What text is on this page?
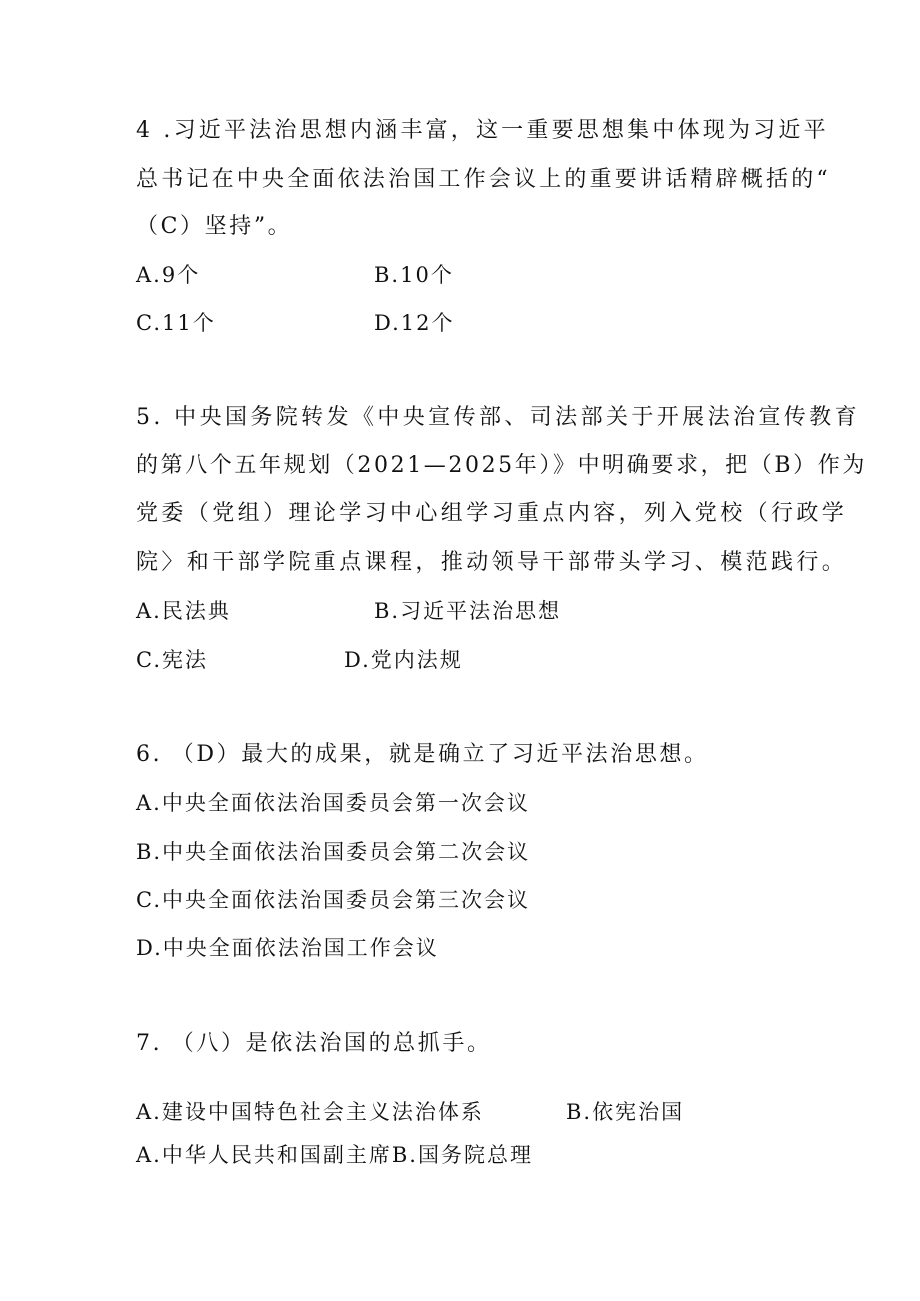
4 .习近平法治思想内涵丰富，这一重要思想集中体现为习近平
总书记在中央全面依法治国工作会议上的重要讲话精辟概括的“
（C）坚持”。
A.9个	B.10个
C.11个	D.12个
5. 中央国务院转发《中央宣传部、司法部关于开展法治宣传教育
的第八个五年规划（2021—2025年）》中明确要求，把（B）作为
党委（党组）理论学习中心组学习重点内容，列入党校（行政学
院〉和干部学院重点课程，推动领导干部带头学习、模范践行。
A.民法典	B.习近平法治思想
C.宪法	D.党内法规
6. （D）最大的成果，就是确立了习近平法治思想。
A.中央全面依法治国委员会第一次会议
B.中央全面依法治国委员会第二次会议
C.中央全面依法治国委员会第三次会议
D.中央全面依法治国工作会议
7. （八）是依法治国的总抓手。
A.建设中国特色社会主义法治体系	B.依宪治国
A.中华人民共和国副主席B.国务院总理
